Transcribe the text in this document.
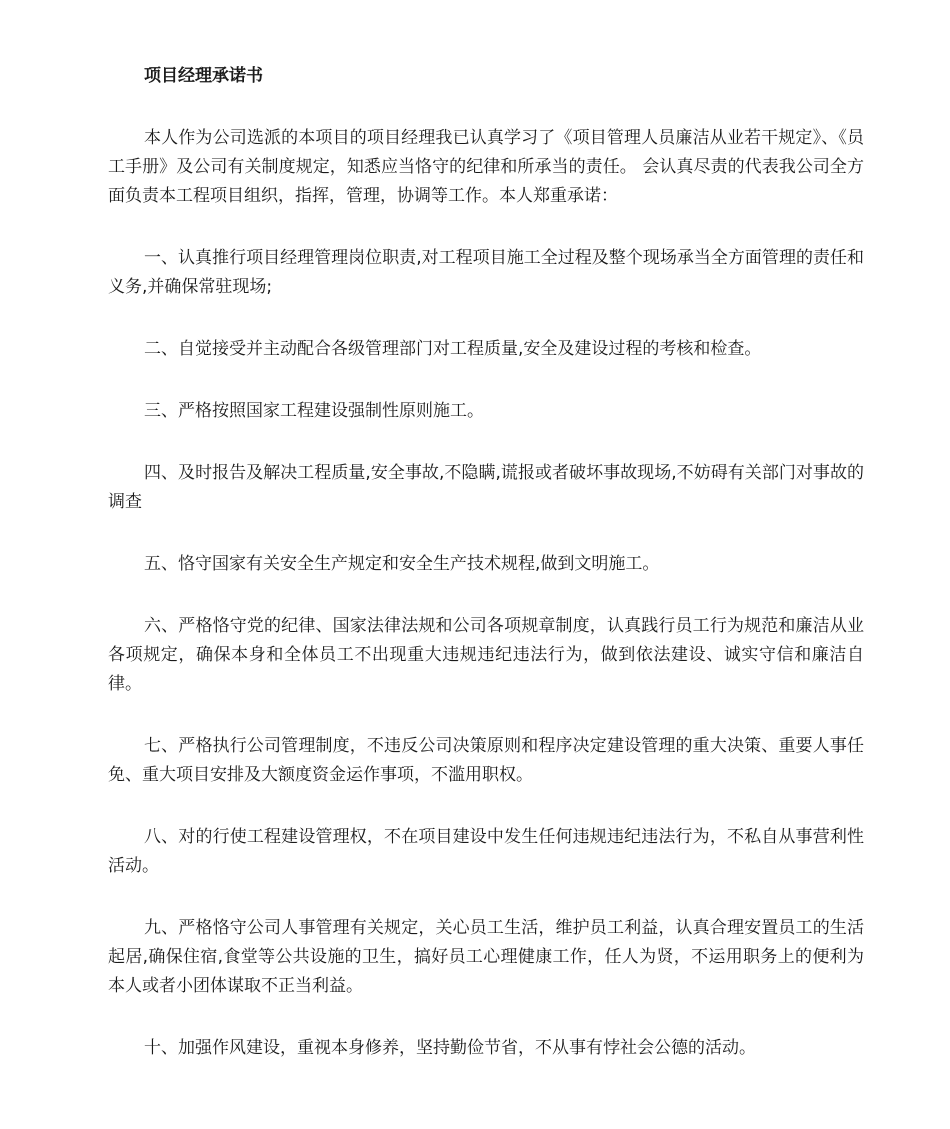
项目经理承诺书

本人作为公司选派的本项目的项目经理我已认真学习了《项目管理人员廉洁从业若干规定》、《员工手册》及公司有关制度规定，知悉应当恪守的纪律和所承当的责任。 会认真尽责的代表我公司全方面负责本工程项目组织，指挥，管理，协调等工作。本人郑重承诺：

一、认真推行项目经理管理岗位职责,对工程项目施工全过程及整个现场承当全方面管理的责任和义务,并确保常驻现场;

二、自觉接受并主动配合各级管理部门对工程质量,安全及建设过程的考核和检查。

三、严格按照国家工程建设强制性原则施工。

四、及时报告及解决工程质量,安全事故,不隐瞒,谎报或者破坏事故现场,不妨碍有关部门对事故的调查

五、恪守国家有关安全生产规定和安全生产技术规程,做到文明施工。

六、严格恪守党的纪律、国家法律法规和公司各项规章制度，认真践行员工行为规范和廉洁从业各项规定，确保本身和全体员工不出现重大违规违纪违法行为，做到依法建设、诚实守信和廉洁自律。

七、严格执行公司管理制度，不违反公司决策原则和程序决定建设管理的重大决策、重要人事任免、重大项目安排及大额度资金运作事项，不滥用职权。

八、对的行使工程建设管理权，不在项目建设中发生任何违规违纪违法行为，不私自从事营利性活动。

九、严格恪守公司人事管理有关规定，关心员工生活，维护员工利益，认真合理安置员工的生活起居,确保住宿,食堂等公共设施的卫生，搞好员工心理健康工作，任人为贤，不运用职务上的便利为本人或者小团体谋取不正当利益。

十、加强作风建设，重视本身修养，坚持勤俭节省，不从事有悖社会公德的活动。
